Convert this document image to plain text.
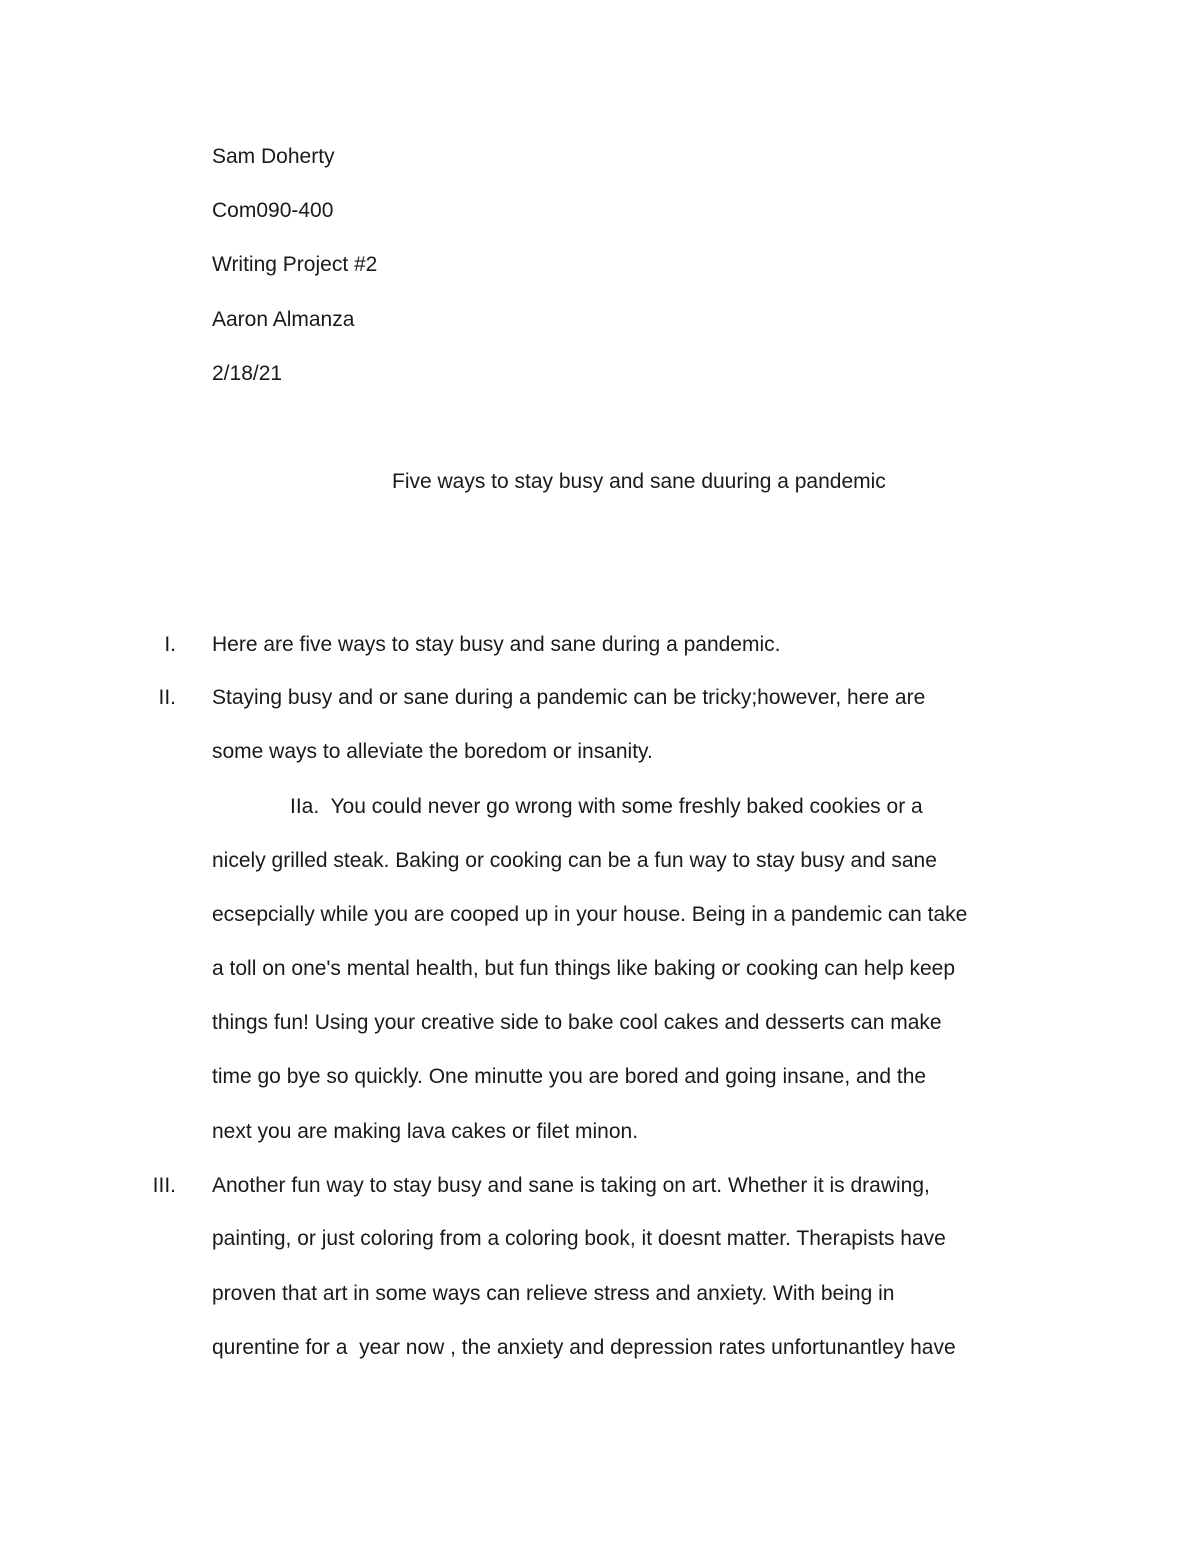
Sam Doherty
Com090-400
Writing Project #2
Aaron Almanza
2/18/21
Five ways to stay busy and sane duuring a pandemic
I. Here are five ways to stay busy and sane during a pandemic.
II. Staying busy and or sane during a pandemic can be tricky;however, here are
some ways to alleviate the boredom or insanity.
IIa.  You could never go wrong with some freshly baked cookies or a
nicely grilled steak. Baking or cooking can be a fun way to stay busy and sane
ecsepcially while you are cooped up in your house. Being in a pandemic can take
a toll on one's mental health, but fun things like baking or cooking can help keep
things fun! Using your creative side to bake cool cakes and desserts can make
time go bye so quickly. One minutte you are bored and going insane, and the
next you are making lava cakes or filet minon.
III. Another fun way to stay busy and sane is taking on art. Whether it is drawing,
painting, or just coloring from a coloring book, it doesnt matter. Therapists have
proven that art in some ways can relieve stress and anxiety. With being in
qurentine for a  year now , the anxiety and depression rates unfortunantley have
